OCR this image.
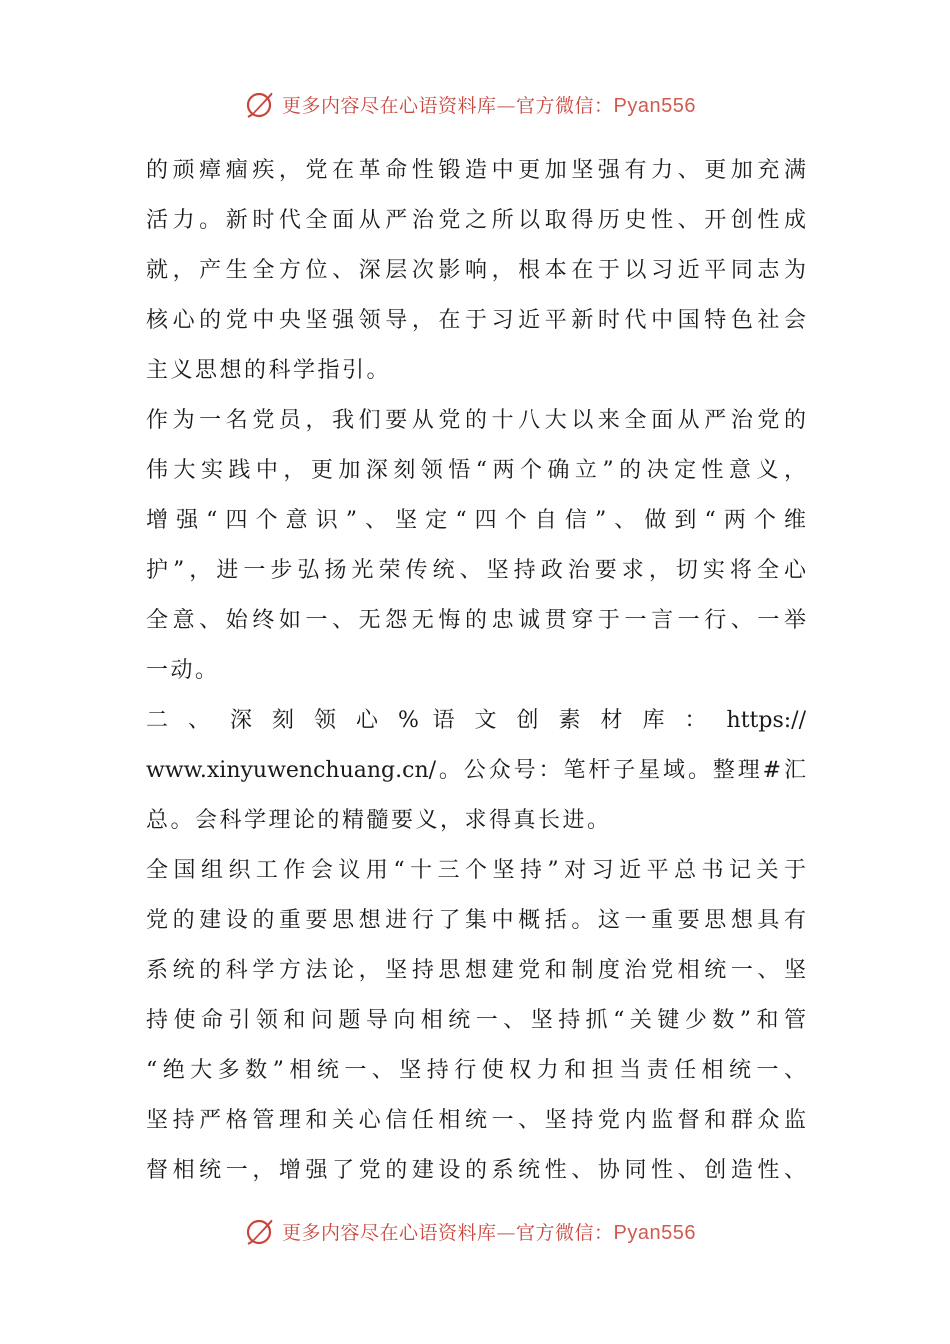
更多内容尽在心语资料库—官方微信：Pyan556
的顽瘴痼疾，党在革命性锻造中更加坚强有力、更加充满
活力。新时代全面从严治党之所以取得历史性、开创性成
就，产生全方位、深层次影响，根本在于以习近平同志为
核心的党中央坚强领导，在于习近平新时代中国特色社会
主义思想的科学指引。
作为一名党员，我们要从党的十八大以来全面从严治党的
伟大实践中，更加深刻领悟“两个确立”的决定性意义，
增强“四个意识”、坚定“四个自信”、做到“两个维
护”，进一步弘扬光荣传统、坚持政治要求，切实将全心
全意、始终如一、无怨无悔的忠诚贯穿于一言一行、一举
一动。
二 、 深 刻 领 心 % 语 文 创 素 材 库 ： https://
www.xinyuwenchuang.cn/。公众号：笔杆子星域。整理#汇
总。会科学理论的精髓要义，求得真长进。
全国组织工作会议用“十三个坚持”对习近平总书记关于
党的建设的重要思想进行了集中概括。这一重要思想具有
系统的科学方法论，坚持思想建党和制度治党相统一、坚
持使命引领和问题导向相统一、坚持抓“关键少数”和管
“绝大多数”相统一、坚持行使权力和担当责任相统一、
坚持严格管理和关心信任相统一、坚持党内监督和群众监
督相统一，增强了党的建设的系统性、协同性、创造性、
更多内容尽在心语资料库—官方微信：Pyan556
